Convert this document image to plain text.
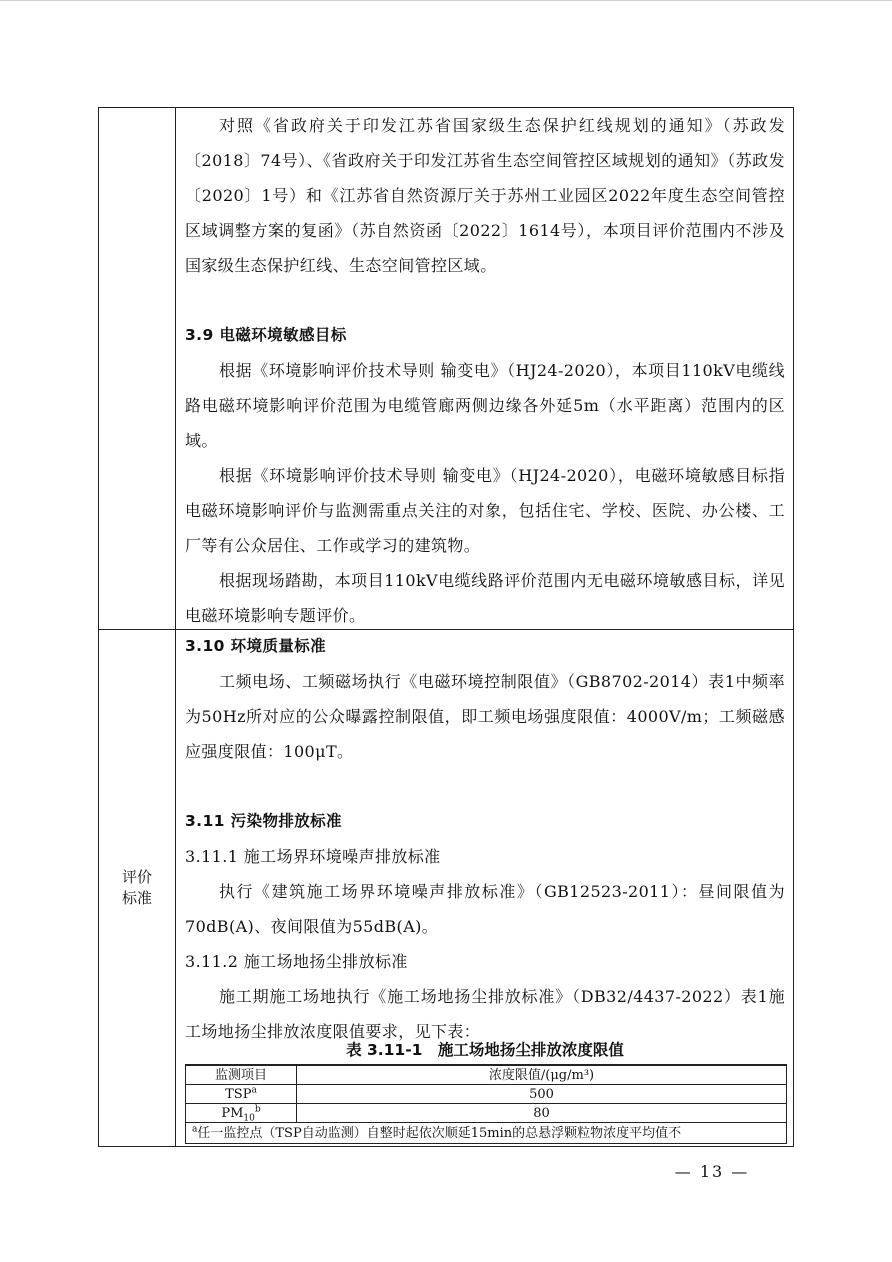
评价标准

对照《省政府关于印发江苏省国家级生态保护红线规划的通知》（苏政发〔2018〕74号）、《省政府关于印发江苏省生态空间管控区域规划的通知》（苏政发〔2020〕1号）和《江苏省自然资源厅关于苏州工业园区2022年度生态空间管控区域调整方案的复函》（苏自然资函〔2022〕1614号），本项目评价范围内不涉及国家级生态保护红线、生态空间管控区域。

3.9 电磁环境敏感目标

根据《环境影响评价技术导则 输变电》（HJ24-2020），本项目110kV电缆线路电磁环境影响评价范围为电缆管廊两侧边缘各外延5m（水平距离）范围内的区域。

根据《环境影响评价技术导则 输变电》（HJ24-2020），电磁环境敏感目标指电磁环境影响评价与监测需重点关注的对象，包括住宅、学校、医院、办公楼、工厂等有公众居住、工作或学习的建筑物。

根据现场踏勘，本项目110kV电缆线路评价范围内无电磁环境敏感目标，详见电磁环境影响专题评价。

3.10 环境质量标准

工频电场、工频磁场执行《电磁环境控制限值》（GB8702-2014）表1中频率为50Hz所对应的公众曝露控制限值，即工频电场强度限值：4000V/m；工频磁感应强度限值：100μT。

3.11 污染物排放标准

3.11.1 施工场界环境噪声排放标准

执行《建筑施工场界环境噪声排放标准》（GB12523-2011）：昼间限值为70dB(A)、夜间限值为55dB(A)。

3.11.2 施工场地扬尘排放标准

施工期施工场地执行《施工场地扬尘排放标准》（DB32/4437-2022）表1施工场地扬尘排放浓度限值要求，见下表：

表 3.11-1　施工场地扬尘排放浓度限值
监测项目	浓度限值/(μg/m³)
TSP$^a$	500
$PM_{10}^b$	80
$^a$任一监控点（TSP自动监测）自整时起依次顺延15min的总悬浮颗粒物浓度平均值不	
— 13 —
